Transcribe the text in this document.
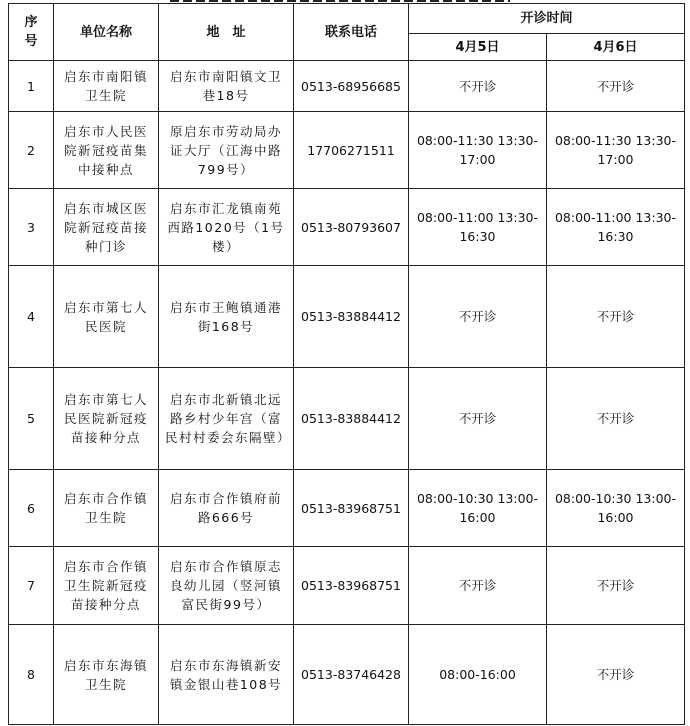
序号	单位名称	地　址	联系电话	开诊时间	
				4月5日	4月6日
1	启东市南阳镇卫生院	启东市南阳镇文卫巷18号	0513-68956685	不开诊	不开诊
2	启东市人民医院新冠疫苗集中接种点	原启东市劳动局办证大厅（江海中路799号）	17706271511	08:00-11:30 13:30-17:00	08:00-11:30 13:30-17:00
3	启东市城区医院新冠疫苗接种门诊	启东市汇龙镇南苑西路1020号（1号楼）	0513-80793607	08:00-11:00 13:30-16:30	08:00-11:00 13:30-16:30
4	启东市第七人民医院	启东市王鲍镇通港街168号	0513-83884412	不开诊	不开诊
5	启东市第七人民医院新冠疫苗接种分点	启东市北新镇北远路乡村少年宫（富民村村委会东隔壁）	0513-83884412	不开诊	不开诊
6	启东市合作镇卫生院	启东市合作镇府前路666号	0513-83968751	08:00-10:30 13:00-16:00	08:00-10:30 13:00-16:00
7	启东市合作镇卫生院新冠疫苗接种分点	启东市合作镇原志良幼儿园（竖河镇富民街99号）	0513-83968751	不开诊	不开诊
8	启东市东海镇卫生院	启东市东海镇新安镇金银山巷108号	0513-83746428	08:00-16:00	不开诊
